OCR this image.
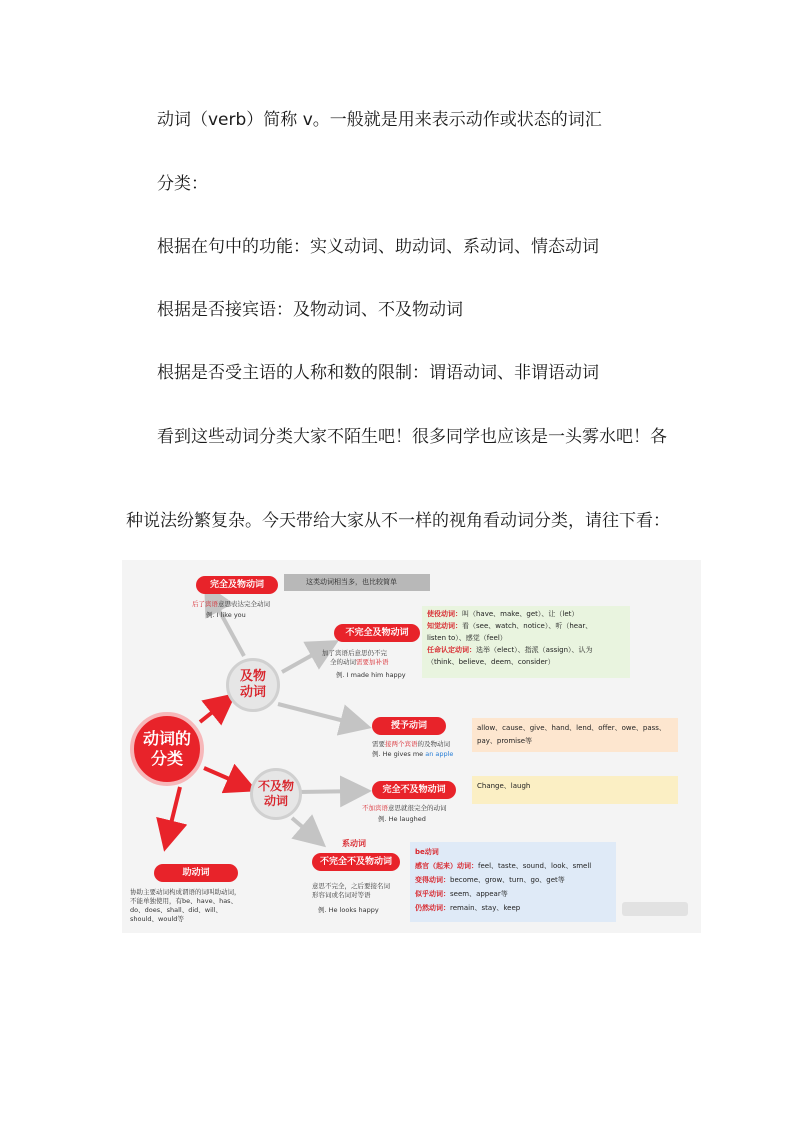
动词（verb）简称 v。一般就是用来表示动作或状态的词汇
分类：
根据在句中的功能：实义动词、助动词、系动词、情态动词
根据是否接宾语：及物动词、不及物动词
根据是否受主语的人称和数的限制：谓语动词、非谓语动词
看到这些动词分类大家不陌生吧！很多同学也应该是一头雾水吧！各
种说法纷繁复杂。今天带给大家从不一样的视角看动词分类，请往下看：
动词的
分类
及物
动词
不及物
动词
完全及物动词	这类动词相当多，也比较简单
后了宾语意思表达完全动词
例. I like you
不完全及物动词
加了宾语后意思仍不完
全的动词需要加补语
例. I made him happy
使役动词：叫（have、make、get）、让（let）
知觉动词：看（see、watch、notice）、听（hear、
listen to）、感觉（feel）
任命认定动词：选举（elect）、指派（assign）、认为
（think、believe、deem、consider）
授予动词
需要接两个宾语的及物动词
例. He gives me an apple
allow、cause、give、hand、lend、offer、owe、pass、pay、promise等
完全不及物动词
不加宾语意思就很完全的动词
例. He laughed
Change、laugh
系动词
不完全不及物动词
意思不完全，之后要接名词
形容词或名词对等语
例. He looks happy
be动词
感官（起来）动词：feel、taste、sound、look、smell
变得动词：become、grow、turn、go、get等
似乎动词：seem、appear等
仍然动词：remain、stay、keep
助动词
协助主要动词构成谓语的词叫助动词，
不能单独使用，有be、have、has、
do、does、shall、did、will、
should、would等
